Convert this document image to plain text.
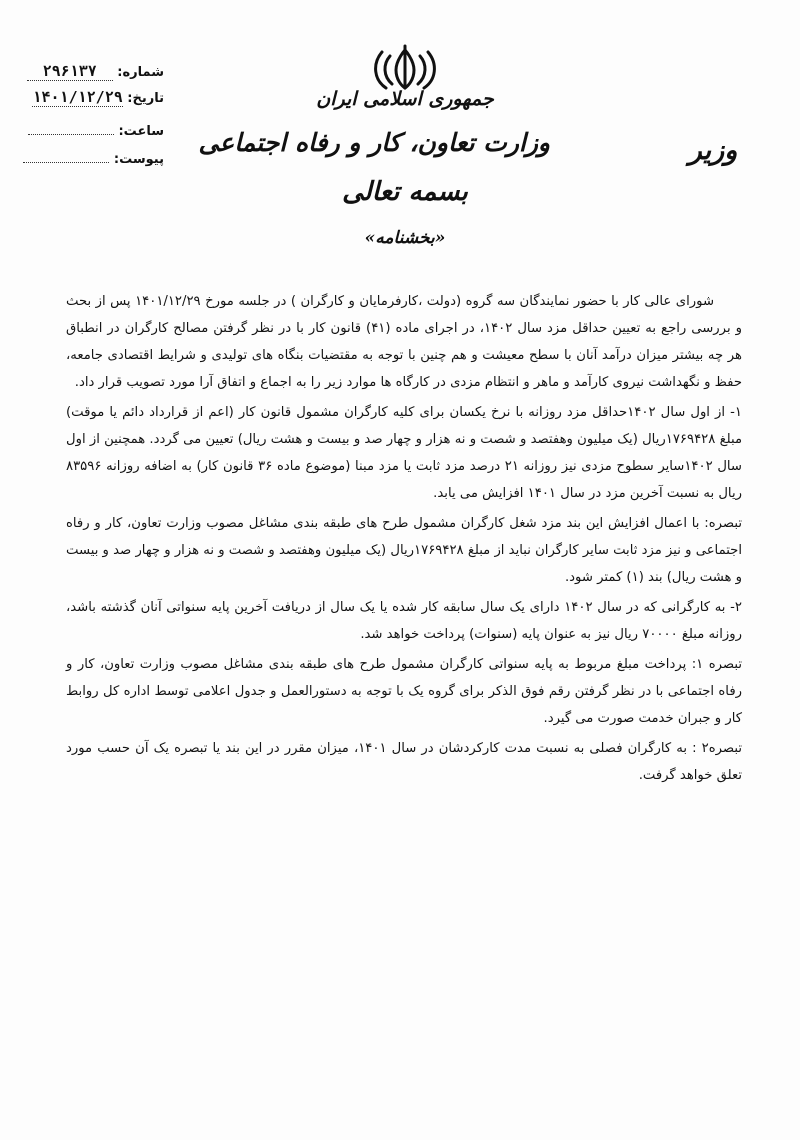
جمهوری اسلامی ایران
وزارت تعاون، کار و رفاه اجتماعی
بسمه تعالی
«بخشنامه»
وزیر
شماره: ۲۹۶۱۳۷
تاریخ: ۱۴۰۱/۱۲/۲۹
ساعت:
پیوست:

شورای عالی کار با حضور نمایندگان سه گروه (دولت ،کارفرمایان و کارگران ) در جلسه مورخ ۱۴۰۱/۱۲/۲۹ پس از بحث و بررسی راجع به تعیین حداقل مزد سال ۱۴۰۲، در اجرای ماده (۴۱) قانون کار با در نظر گرفتن مصالح کارگران در انطباق هر چه بیشتر میزان درآمد آنان با سطح معیشت و هم چنین با توجه به مقتضیات بنگاه های تولیدی و شرایط اقتصادی جامعه، حفظ و نگهداشت نیروی کارآمد و ماهر و انتظام مزدی در کارگاه ها موارد زیر را به اجماع و اتفاق آرا مورد تصویب قرار داد.

۱- از اول سال ۱۴۰۲حداقل مزد روزانه با نرخ یکسان برای کلیه کارگران مشمول قانون کار (اعم از قرارداد دائم یا موقت) مبلغ ۱۷۶۹۴۲۸ریال (یک میلیون وهفتصد و شصت و نه هزار و چهار صد و بیست و هشت ریال) تعیین می گردد. همچنین از اول سال ۱۴۰۲سایر سطوح مزدی نیز روزانه ۲۱ درصد مزد ثابت یا مزد مبنا (موضوع ماده ۳۶ قانون کار) به اضافه روزانه ۸۳۵۹۶ ریال به نسبت آخرین مزد در سال ۱۴۰۱ افزایش می یابد.

تبصره: با اعمال افزایش این بند مزد شغل کارگران مشمول طرح های طبقه بندی مشاغل مصوب وزارت تعاون، کار و رفاه اجتماعی و نیز مزد ثابت سایر کارگران نباید از مبلغ ۱۷۶۹۴۲۸ریال (یک میلیون وهفتصد و شصت و نه هزار و چهار صد و بیست و هشت ریال) بند (۱) کمتر شود.

۲- به کارگرانی که در سال ۱۴۰۲ دارای یک سال سابقه کار شده یا یک سال از دریافت آخرین پایه سنواتی آنان گذشته باشد، روزانه مبلغ ۷۰۰۰۰ ریال نیز به عنوان پایه (سنوات) پرداخت خواهد شد.

تبصره ۱: پرداخت مبلغ مربوط به پایه سنواتی کارگران مشمول طرح های طبقه بندی مشاغل مصوب وزارت تعاون، کار و رفاه اجتماعی با در نظر گرفتن رقم فوق الذکر برای گروه یک با توجه به دستورالعمل و جدول اعلامی توسط اداره کل روابط کار و جبران خدمت صورت می گیرد.

تبصره۲ : به کارگران فصلی به نسبت مدت کارکردشان در سال ۱۴۰۱، میزان مقرر در این بند یا تبصره یک آن حسب مورد تعلق خواهد گرفت.
